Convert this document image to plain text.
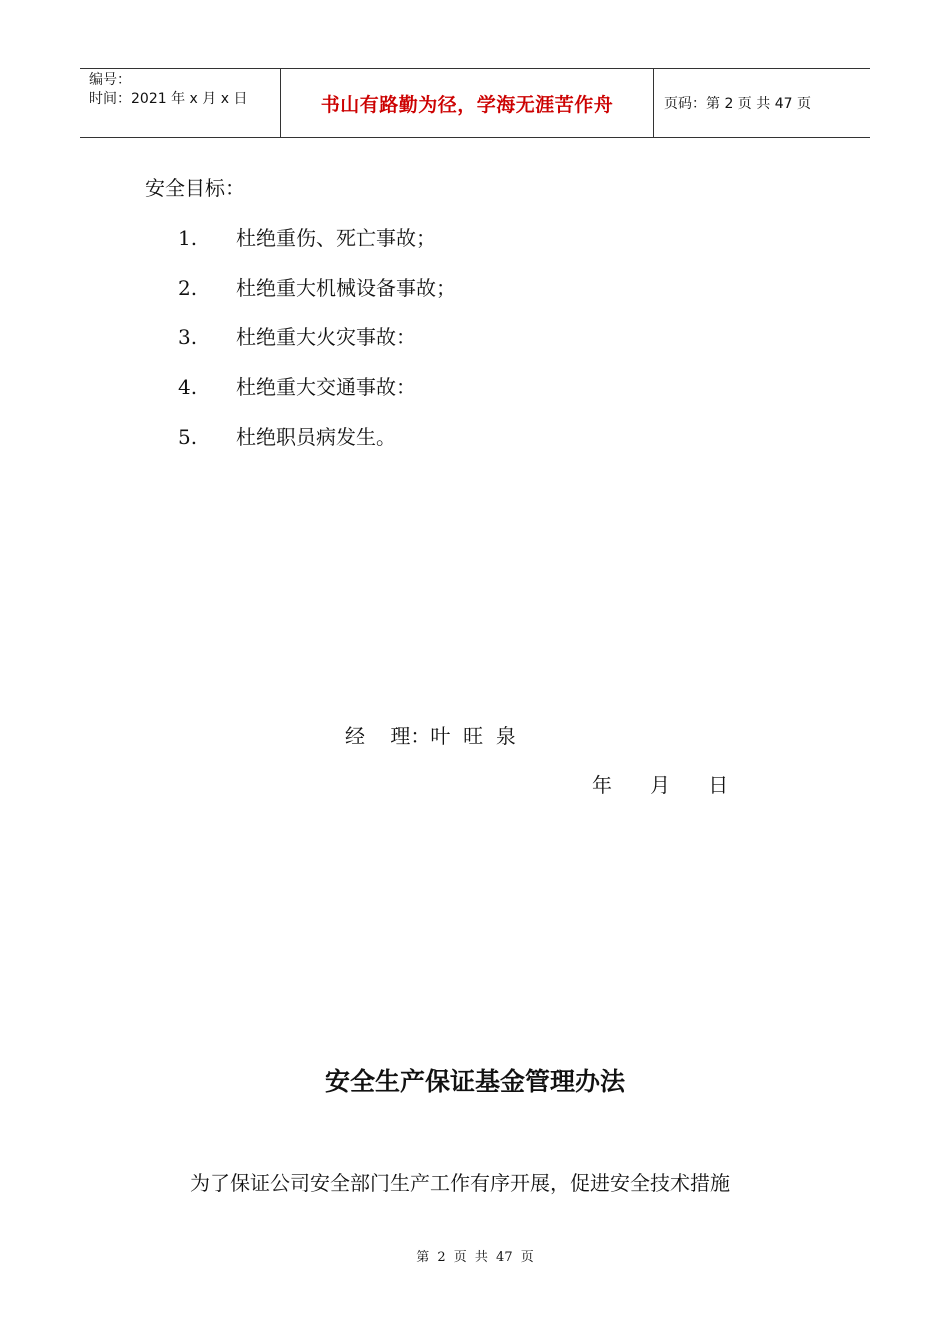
编号：
时间：2021 年 x 月 x 日	书山有路勤为径，学海无涯苦作舟	页码：第 2 页 共 47 页
安全目标：
1. 杜绝重伤、死亡事故；
2. 杜绝重大机械设备事故；
3. 杜绝重大火灾事故：
4. 杜绝重大交通事故：
5. 杜绝职员病发生。
经    理：叶  旺  泉
年      月      日
安全生产保证基金管理办法
为了保证公司安全部门生产工作有序开展，促进安全技术措施
第 2 页 共 47 页
